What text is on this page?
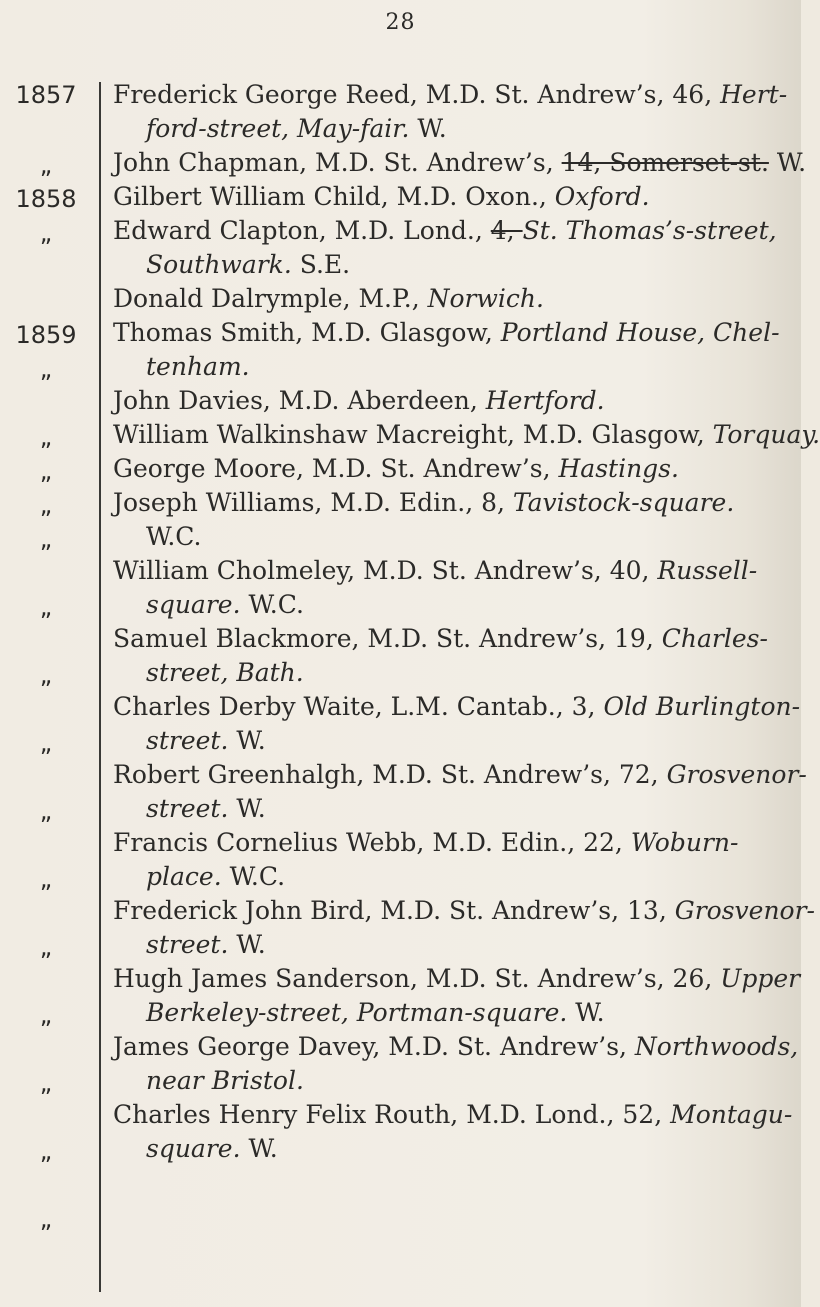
28
1857
„
1858
„
1859
„
„
„
„
„
„
„
„
„
„
„
„
„
„
„
Frederick George Reed, M.D. St. Andrew’s, 46, Hert-
ford-street, May-fair. W.
John Chapman, M.D. St. Andrew’s, 14, Somerset-st. W.
Gilbert William Child, M.D. Oxon., Oxford.
Edward Clapton, M.D. Lond., 4, St. Thomas’s-street,
Southwark. S.E.
Donald Dalrymple, M.P., Norwich.
Thomas Smith, M.D. Glasgow, Portland House, Chel-
tenham.
John Davies, M.D. Aberdeen, Hertford.
William Walkinshaw Macreight, M.D. Glasgow, Torquay.
George Moore, M.D. St. Andrew’s, Hastings.
Joseph Williams, M.D. Edin., 8, Tavistock-square.
W.C.
William Cholmeley, M.D. St. Andrew’s, 40, Russell-
square. W.C.
Samuel Blackmore, M.D. St. Andrew’s, 19, Charles-
street, Bath.
Charles Derby Waite, L.M. Cantab., 3, Old Burlington-
street. W.
Robert Greenhalgh, M.D. St. Andrew’s, 72, Grosvenor-
street. W.
Francis Cornelius Webb, M.D. Edin., 22, Woburn-
place. W.C.
Frederick John Bird, M.D. St. Andrew’s, 13, Grosvenor-
street. W.
Hugh James Sanderson, M.D. St. Andrew’s, 26, Upper
Berkeley-street, Portman-square. W.
James George Davey, M.D. St. Andrew’s, Northwoods,
near Bristol.
Charles Henry Felix Routh, M.D. Lond., 52, Montagu-
square. W.
